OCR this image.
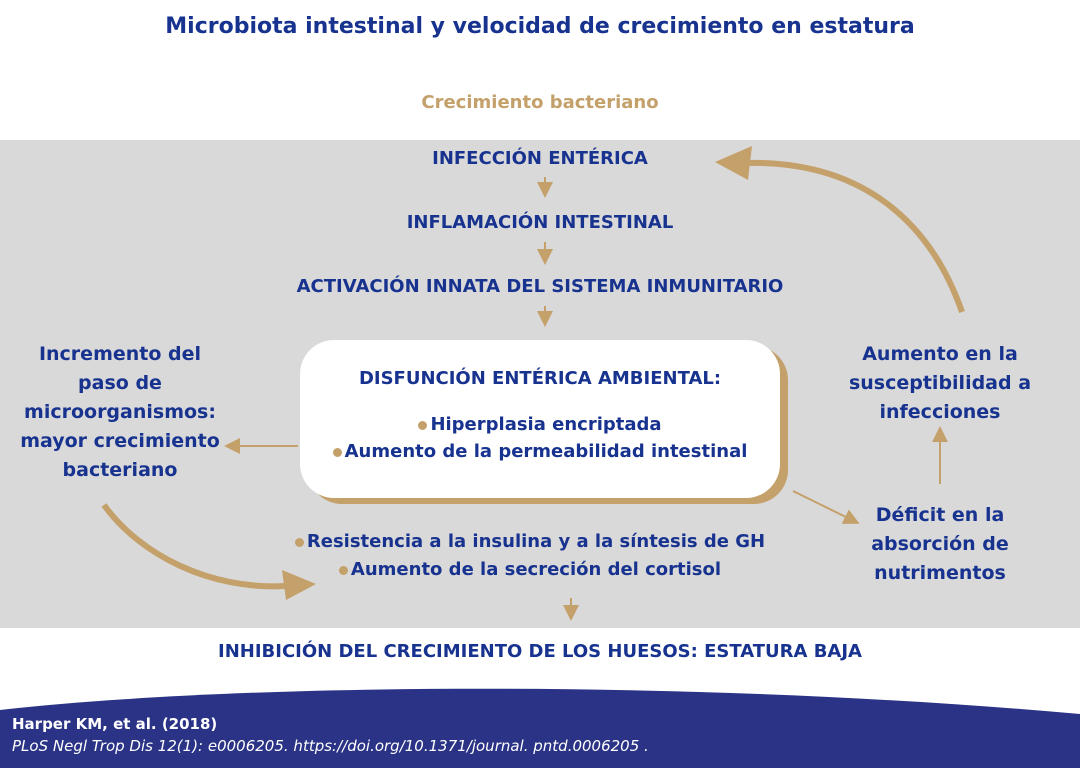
Microbiota intestinal y velocidad de crecimiento en estatura
Crecimiento bacteriano
INFECCIÓN ENTÉRICA
INFLAMACIÓN INTESTINAL
ACTIVACIÓN INNATA DEL SISTEMA INMUNITARIO
DISFUNCIÓN ENTÉRICA AMBIENTAL:
Hiperplasia encriptada
Aumento de la permeabilidad intestinal
Incremento del paso de microorganismos: mayor crecimiento bacteriano
Aumento en la susceptibilidad a infecciones
Déficit en la absorción de nutrimentos
Resistencia a la insulina y a la síntesis de GH
Aumento de la secreción del cortisol
INHIBICIÓN DEL CRECIMIENTO DE LOS HUESOS: ESTATURA BAJA
Harper KM, et al. (2018)
PLoS Negl Trop Dis 12(1): e0006205. https://doi.org/10.1371/journal. pntd.0006205 .
